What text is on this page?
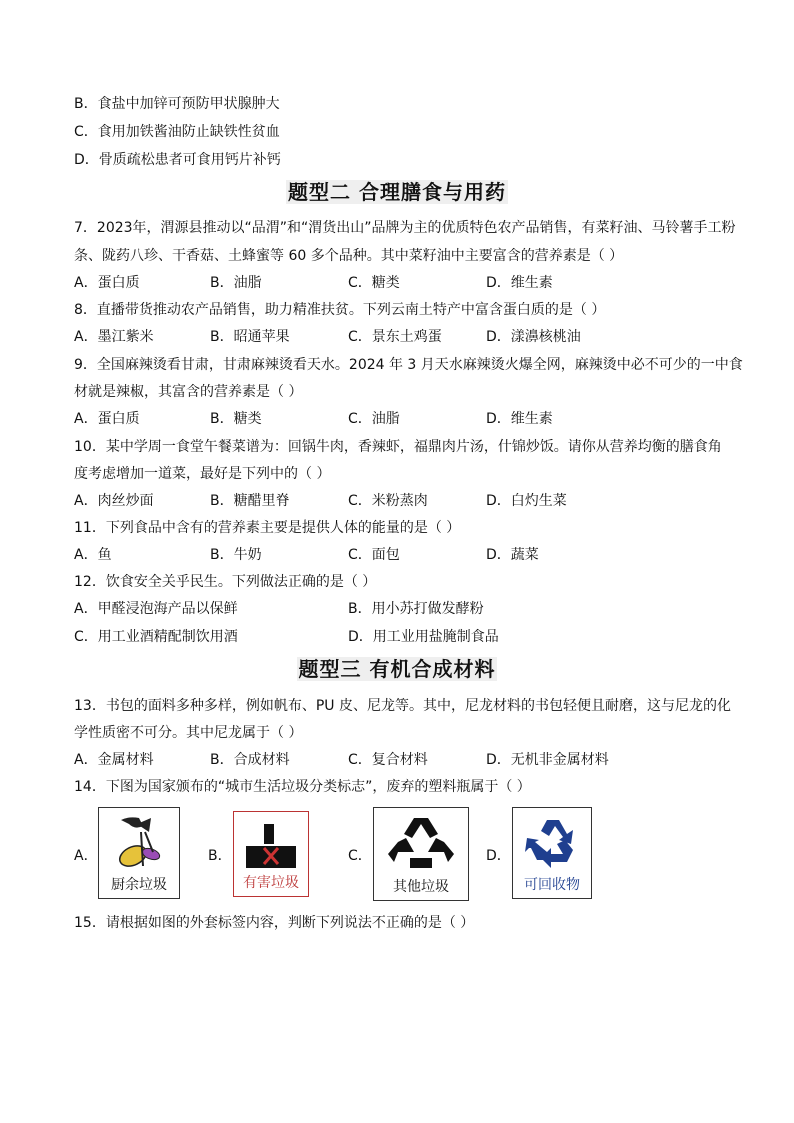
B．食盐中加锌可预防甲状腺肿大
C．食用加铁酱油防止缺铁性贫血
D．骨质疏松患者可食用钙片补钙
题型二 合理膳食与用药
7．2023年，渭源县推动以“品渭”和“渭货出山”品牌为主的优质特色农产品销售，有菜籽油、马铃薯手工粉
条、陇药八珍、干香菇、土蜂蜜等 60 多个品种。其中菜籽油中主要富含的营养素是（ ）
A．蛋白质	B．油脂	C．糖类	D．维生素
8．直播带货推动农产品销售，助力精准扶贫。下列云南土特产中富含蛋白质的是（ ）
A．墨江紫米	B．昭通苹果	C．景东土鸡蛋	D．漾濞核桃油
9．全国麻辣烫看甘肃，甘肃麻辣烫看天水。2024 年 3 月天水麻辣烫火爆全网，麻辣烫中必不可少的一中食
材就是辣椒，其富含的营养素是（ ）
A．蛋白质	B．糖类	C．油脂	D．维生素
10．某中学周一食堂午餐菜谱为：回锅牛肉，香辣虾，福鼎肉片汤，什锦炒饭。请你从营养均衡的膳食角
度考虑增加一道菜，最好是下列中的（ ）
A．肉丝炒面	B．糖醋里脊	C．米粉蒸肉	D．白灼生菜
11．下列食品中含有的营养素主要是提供人体的能量的是（ ）
A．鱼	B．牛奶	C．面包	D．蔬菜
12．饮食安全关乎民生。下列做法正确的是（ ）
A．甲醛浸泡海产品以保鲜	B．用小苏打做发酵粉
C．用工业酒精配制饮用酒	D．用工业用盐腌制食品
题型三 有机合成材料
13．书包的面料多种多样，例如帆布、PU 皮、尼龙等。其中，尼龙材料的书包轻便且耐磨，这与尼龙的化
学性质密不可分。其中尼龙属于（ ）
A．金属材料	B．合成材料	C．复合材料	D．无机非金属材料
14．下图为国家颁布的“城市生活垃圾分类标志”，废弃的塑料瓶属于（ ）
A．
厨余垃圾
B．
有害垃圾
C．
其他垃圾
D．
可回收物
15．请根据如图的外套标签内容，判断下列说法不正确的是（ ）
